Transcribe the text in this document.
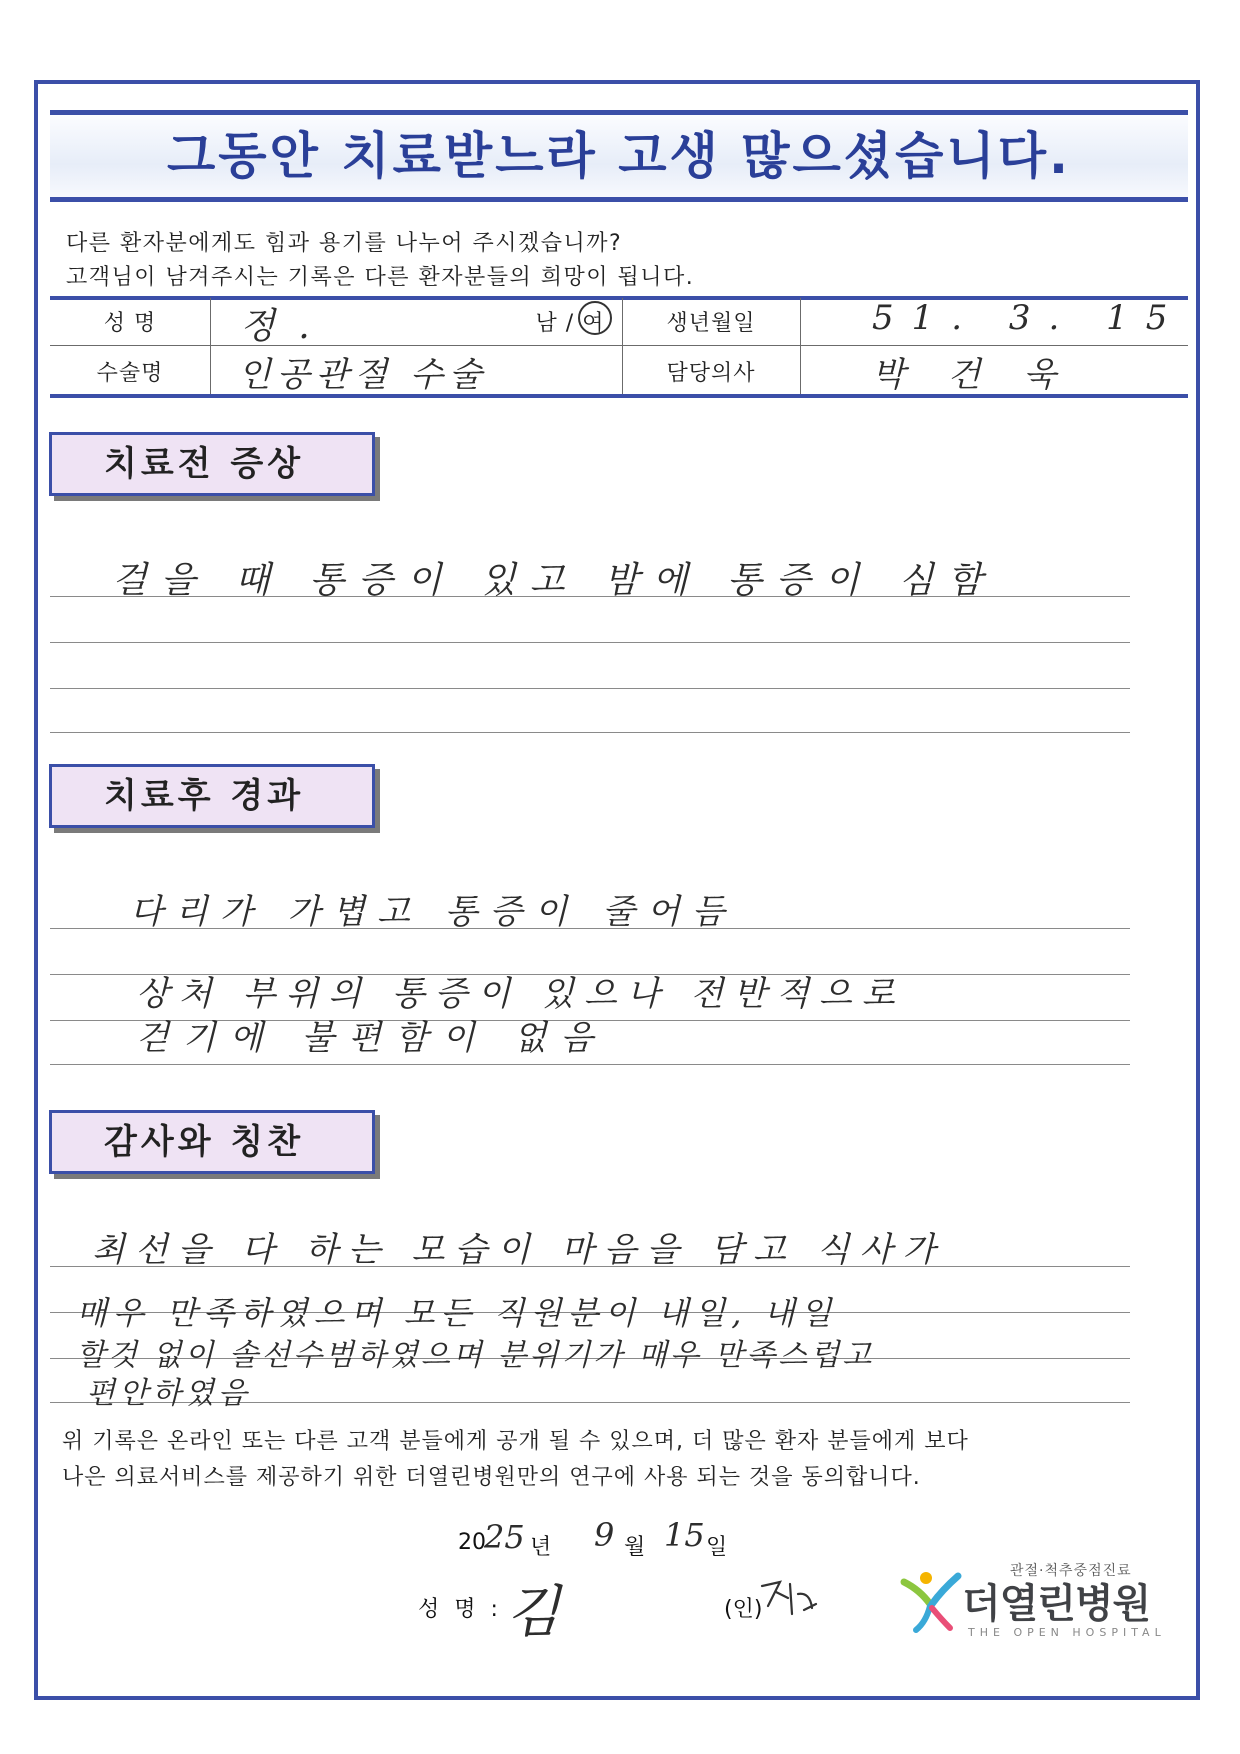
그동안 치료받느라 고생 많으셨습니다.
다른 환자분에게도 힘과 용기를 나누어 주시겠습니까?
고객님이 남겨주시는 기록은 다른 환자분들의 희망이 됩니다.
성 명	정 .	남 / 여	생년월일	51. 3. 15
수술명	인공관절 수술	담당의사	박 건 욱
치료전 증상
걸을 때 통증이 있고 밤에 통증이 심함
치료후 경과
다리가 가볍고 통증이 줄어듬
상처 부위의 통증이 있으나 전반적으로
걷기에 불편함이 없음
감사와 칭찬
최선을 다 하는 모습이 마음을 담고 식사가
매우 만족하였으며 모든 직원분이 내일, 내일
할것 없이 솔선수범하였으며 분위기가 매우 만족스럽고
편안하였음
위 기록은 온라인 또는 다른 고객 분들에게 공개 될 수 있으며, 더 많은 환자 분들에게 보다
나은 의료서비스를 제공하기 위한 더열린병원만의 연구에 사용 되는 것을 동의합니다.
20
25 년 9 월 15 일
성 명 : 김	(인)
관절·척추중점진료
더열린병원
THE OPEN HOSPITAL
